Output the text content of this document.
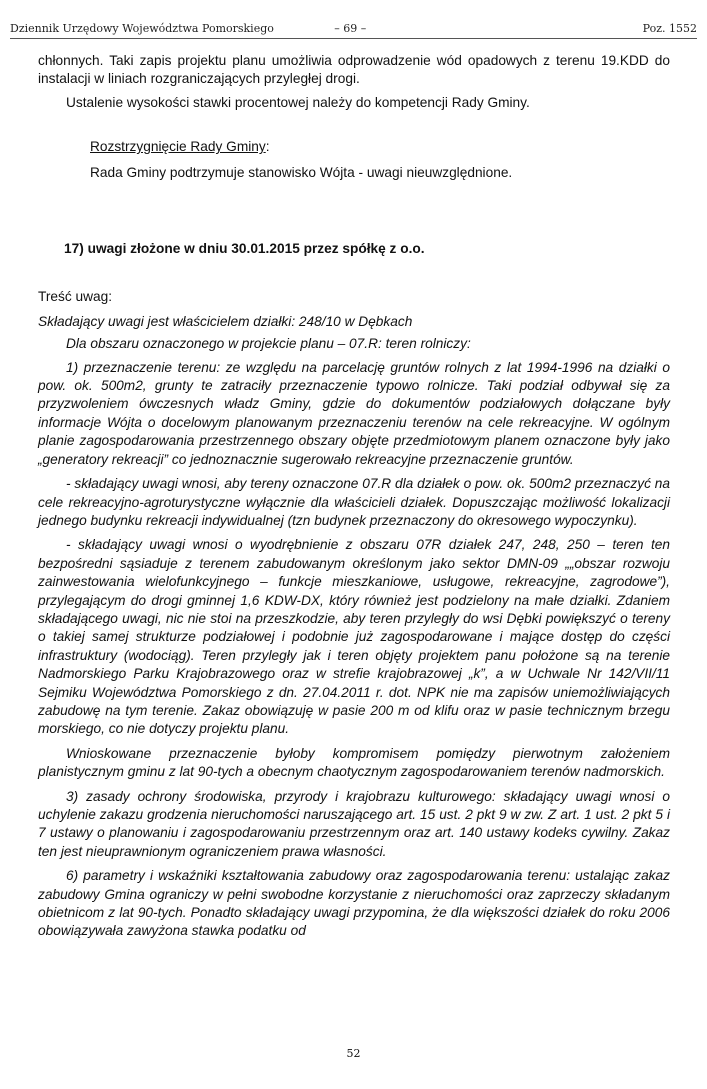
Dziennik Urzędowy Województwa Pomorskiego	– 69 –	Poz. 1552

chłonnych. Taki zapis projektu planu umożliwia odprowadzenie wód opadowych z terenu 19.KDD do instalacji w liniach rozgraniczających przyległej drogi.

Ustalenie wysokości stawki procentowej należy do kompetencji Rady Gminy.

Rozstrzygnięcie Rady Gminy:

Rada Gminy podtrzymuje stanowisko Wójta - uwagi nieuwzględnione.

17) uwagi złożone w dniu 30.01.2015 przez spółkę z o.o.

Treść uwag:

Składający uwagi jest właścicielem działki: 248/10 w Dębkach

Dla obszaru oznaczonego w projekcie planu – 07.R: teren rolniczy:

1) przeznaczenie terenu: ze względu na parcelację gruntów rolnych z lat 1994-1996 na działki o pow. ok. 500m2, grunty te zatraciły przeznaczenie typowo rolnicze. Taki podział odbywał się za przyzwoleniem ówczesnych władz Gminy, gdzie do dokumentów podziałowych dołączane były informacje Wójta o docelowym planowanym przeznaczeniu terenów na cele rekreacyjne. W ogólnym planie zagospodarowania przestrzennego obszary objęte przedmiotowym planem oznaczone były jako „generatory rekreacji” co jednoznacznie sugerowało rekreacyjne przeznaczenie gruntów.

- składający uwagi wnosi, aby tereny oznaczone 07.R dla działek o pow. ok. 500m2 przeznaczyć na cele rekreacyjno-agroturystyczne wyłącznie dla właścicieli działek. Dopuszczając możliwość lokalizacji jednego budynku rekreacji indywidualnej (tzn budynek przeznaczony do okresowego wypoczynku).

- składający uwagi wnosi o wyodrębnienie z obszaru 07R działek 247, 248, 250 – teren ten bezpośredni sąsiaduje z terenem zabudowanym określonym jako sektor DMN-09 „„obszar rozwoju zainwestowania wielofunkcyjnego – funkcje mieszkaniowe, usługowe, rekreacyjne, zagrodowe”), przylegającym do drogi gminnej 1,6 KDW-DX, który również jest podzielony na małe działki. Zdaniem składającego uwagi, nic nie stoi na przeszkodzie, aby teren przyległy do wsi Dębki powiększyć o tereny o takiej samej strukturze podziałowej i podobnie już zagospodarowane i mające dostęp do części infrastruktury (wodociąg). Teren przyległy jak i teren objęty projektem panu położone są na terenie Nadmorskiego Parku Krajobrazowego oraz w strefie krajobrazowej „k”, a w Uchwale Nr 142/VII/11 Sejmiku Województwa Pomorskiego z dn. 27.04.2011 r. dot. NPK nie ma zapisów uniemożliwiających zabudowę na tym terenie. Zakaz obowiązuję w pasie 200 m od klifu oraz w pasie technicznym brzegu morskiego, co nie dotyczy projektu planu.

Wnioskowane przeznaczenie byłoby kompromisem pomiędzy pierwotnym założeniem planistycznym gminu z lat 90-tych a obecnym chaotycznym zagospodarowaniem terenów nadmorskich.

3) zasady ochrony środowiska, przyrody i krajobrazu kulturowego: składający uwagi wnosi o uchylenie zakazu grodzenia nieruchomości naruszającego art. 15 ust. 2 pkt 9 w zw. Z art. 1 ust. 2 pkt 5 i 7 ustawy o planowaniu i zagospodarowaniu przestrzennym oraz art. 140 ustawy kodeks cywilny. Zakaz ten jest nieuprawnionym ograniczeniem prawa własności.

6) parametry i wskaźniki kształtowania zabudowy oraz zagospodarowania terenu: ustalając zakaz zabudowy Gmina ograniczy w pełni swobodne korzystanie z nieruchomości oraz zaprzeczy składanym obietnicom z lat 90-tych. Ponadto składający uwagi przypomina, że dla większości działek do roku 2006 obowiązywała zawyżona stawka podatku od

52
